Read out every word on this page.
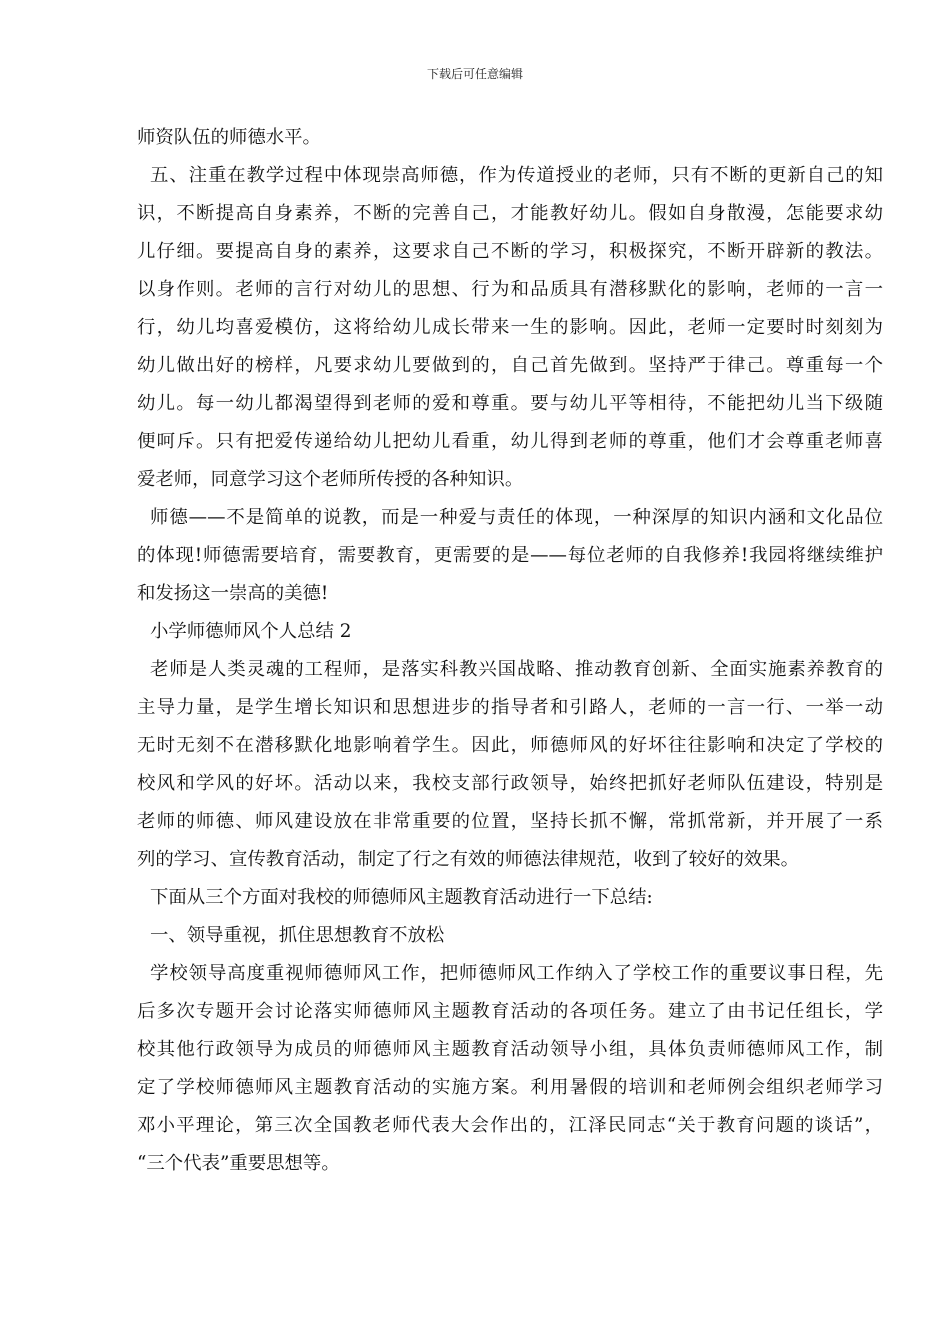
下载后可任意编辑
师资队伍的师德水平。
五、注重在教学过程中体现崇高师德，作为传道授业的老师，只有不断的更新自己的知
识，不断提高自身素养，不断的完善自己，才能教好幼儿。假如自身散漫，怎能要求幼
儿仔细。要提高自身的素养，这要求自己不断的学习，积极探究，不断开辟新的教法。
以身作则。老师的言行对幼儿的思想、行为和品质具有潜移默化的影响，老师的一言一
行，幼儿均喜爱模仿，这将给幼儿成长带来一生的影响。因此，老师一定要时时刻刻为
幼儿做出好的榜样，凡要求幼儿要做到的，自己首先做到。坚持严于律己。尊重每一个
幼儿。每一幼儿都渴望得到老师的爱和尊重。要与幼儿平等相待，不能把幼儿当下级随
便呵斥。只有把爱传递给幼儿把幼儿看重，幼儿得到老师的尊重，他们才会尊重老师喜
爱老师，同意学习这个老师所传授的各种知识。
师德——不是简单的说教，而是一种爱与责任的体现，一种深厚的知识内涵和文化品位
的体现!师德需要培育，需要教育，更需要的是——每位老师的自我修养!我园将继续维护
和发扬这一崇高的美德!
小学师德师风个人总结 2
老师是人类灵魂的工程师，是落实科教兴国战略、推动教育创新、全面实施素养教育的
主导力量，是学生增长知识和思想进步的指导者和引路人，老师的一言一行、一举一动
无时无刻不在潜移默化地影响着学生。因此，师德师风的好坏往往影响和决定了学校的
校风和学风的好坏。活动以来，我校支部行政领导，始终把抓好老师队伍建设，特别是
老师的师德、师风建设放在非常重要的位置，坚持长抓不懈，常抓常新，并开展了一系
列的学习、宣传教育活动，制定了行之有效的师德法律规范，收到了较好的效果。
下面从三个方面对我校的师德师风主题教育活动进行一下总结:
一、领导重视，抓住思想教育不放松
学校领导高度重视师德师风工作，把师德师风工作纳入了学校工作的重要议事日程，先
后多次专题开会讨论落实师德师风主题教育活动的各项任务。建立了由书记任组长，学
校其他行政领导为成员的师德师风主题教育活动领导小组，具体负责师德师风工作，制
定了学校师德师风主题教育活动的实施方案。利用暑假的培训和老师例会组织老师学习
邓小平理论，第三次全国教老师代表大会作出的，江泽民同志“关于教育问题的谈话”，
“三个代表”重要思想等。
